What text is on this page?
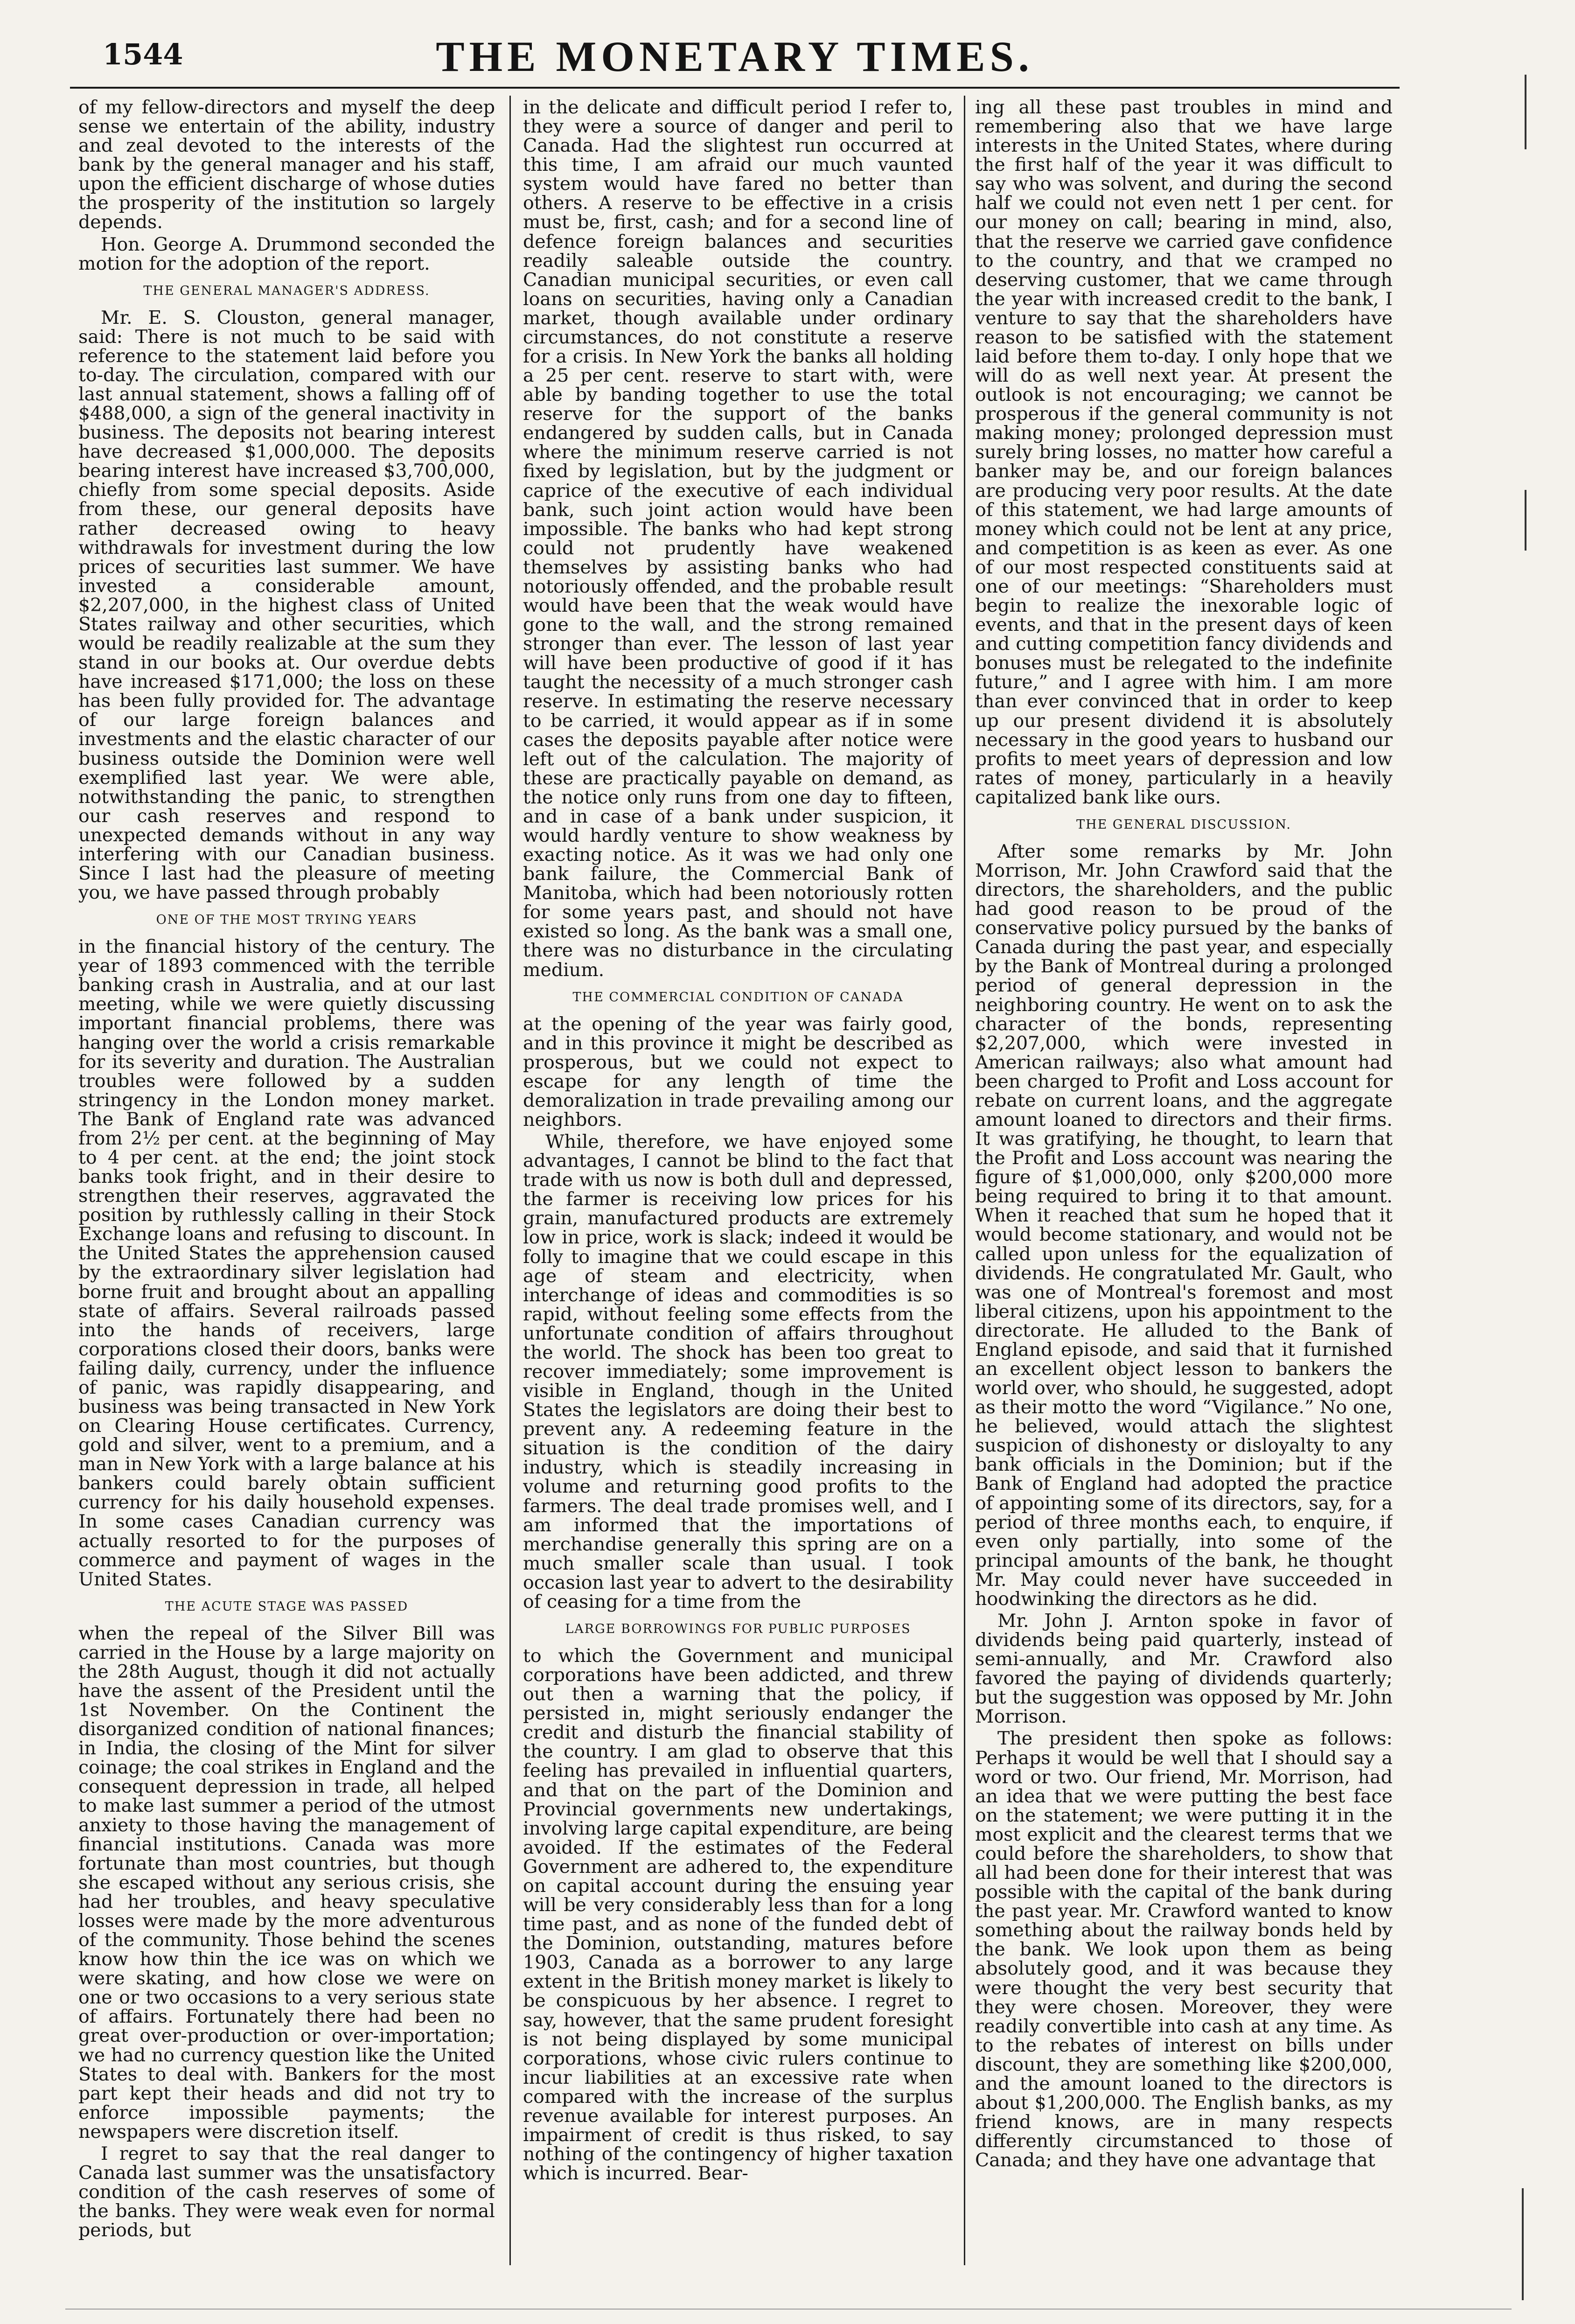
1544	THE MONETARY TIMES.

of my fellow-directors and myself the deep sense we entertain of the ability, industry and zeal devoted to the interests of the bank by the general manager and his staff, upon the efficient discharge of whose duties the prosperity of the institution so largely depends.

Hon. George A. Drummond seconded the motion for the adoption of the report.

THE GENERAL MANAGER'S ADDRESS.

Mr. E. S. Clouston, general manager, said: There is not much to be said with reference to the statement laid before you to-day. The circulation, compared with our last annual statement, shows a falling off of $488,000, a sign of the general inactivity in business. The deposits not bearing interest have decreased $1,000,000. The deposits bearing interest have increased $3,700,000, chiefly from some special deposits. Aside from these, our general deposits have rather decreased owing to heavy withdrawals for investment during the low prices of securities last summer. We have invested a considerable amount, $2,207,000, in the highest class of United States railway and other securities, which would be readily realizable at the sum they stand in our books at. Our overdue debts have increased $171,000; the loss on these has been fully provided for. The advantage of our large foreign balances and investments and the elastic character of our business outside the Dominion were well exemplified last year. We were able, notwithstanding the panic, to strengthen our cash reserves and respond to unexpected demands without in any way interfering with our Canadian business. Since I last had the pleasure of meeting you, we have passed through probably

ONE OF THE MOST TRYING YEARS

in the financial history of the century. The year of 1893 commenced with the terrible banking crash in Australia, and at our last meeting, while we were quietly discussing important financial problems, there was hanging over the world a crisis remarkable for its severity and duration. The Australian troubles were followed by a sudden stringency in the London money market. The Bank of England rate was advanced from 2½ per cent. at the beginning of May to 4 per cent. at the end; the joint stock banks took fright, and in their desire to strengthen their reserves, aggravated the position by ruthlessly calling in their Stock Exchange loans and refusing to discount. In the United States the apprehension caused by the extraordinary silver legislation had borne fruit and brought about an appalling state of affairs. Several railroads passed into the hands of receivers, large corporations closed their doors, banks were failing daily, currency, under the influence of panic, was rapidly disappearing, and business was being transacted in New York on Clearing House certificates. Currency, gold and silver, went to a premium, and a man in New York with a large balance at his bankers could barely obtain sufficient currency for his daily household expenses. In some cases Canadian currency was actually resorted to for the purposes of commerce and payment of wages in the United States.

THE ACUTE STAGE WAS PASSED

when the repeal of the Silver Bill was carried in the House by a large majority on the 28th August, though it did not actually have the assent of the President until the 1st November. On the Continent the disorganized condition of national finances; in India, the closing of the Mint for silver coinage; the coal strikes in England and the consequent depression in trade, all helped to make last summer a period of the utmost anxiety to those having the management of financial institutions. Canada was more fortunate than most countries, but though she escaped without any serious crisis, she had her troubles, and heavy speculative losses were made by the more adventurous of the community. Those behind the scenes know how thin the ice was on which we were skating, and how close we were on one or two occasions to a very serious state of affairs. Fortunately there had been no great over-production or over-importation; we had no currency question like the United States to deal with. Bankers for the most part kept their heads and did not try to enforce impossible payments; the newspapers were discretion itself.

I regret to say that the real danger to Canada last summer was the unsatisfactory condition of the cash reserves of some of the banks. They were weak even for normal periods, but

in the delicate and difficult period I refer to, they were a source of danger and peril to Canada. Had the slightest run occurred at this time, I am afraid our much vaunted system would have fared no better than others. A reserve to be effective in a crisis must be, first, cash; and for a second line of defence foreign balances and securities readily saleable outside the country. Canadian municipal securities, or even call loans on securities, having only a Canadian market, though available under ordinary circumstances, do not constitute a reserve for a crisis. In New York the banks all holding a 25 per cent. reserve to start with, were able by banding together to use the total reserve for the support of the banks endangered by sudden calls, but in Canada where the minimum reserve carried is not fixed by legislation, but by the judgment or caprice of the executive of each individual bank, such joint action would have been impossible. The banks who had kept strong could not prudently have weakened themselves by assisting banks who had notoriously offended, and the probable result would have been that the weak would have gone to the wall, and the strong remained stronger than ever. The lesson of last year will have been productive of good if it has taught the necessity of a much stronger cash reserve. In estimating the reserve necessary to be carried, it would appear as if in some cases the deposits payable after notice were left out of the calculation. The majority of these are practically payable on demand, as the notice only runs from one day to fifteen, and in case of a bank under suspicion, it would hardly venture to show weakness by exacting notice. As it was we had only one bank failure, the Commercial Bank of Manitoba, which had been notoriously rotten for some years past, and should not have existed so long. As the bank was a small one, there was no disturbance in the circulating medium.

THE COMMERCIAL CONDITION OF CANADA

at the opening of the year was fairly good, and in this province it might be described as prosperous, but we could not expect to escape for any length of time the demoralization in trade prevailing among our neighbors.

While, therefore, we have enjoyed some advantages, I cannot be blind to the fact that trade with us now is both dull and depressed, the farmer is receiving low prices for his grain, manufactured products are extremely low in price, work is slack; indeed it would be folly to imagine that we could escape in this age of steam and electricity, when interchange of ideas and commodities is so rapid, without feeling some effects from the unfortunate condition of affairs throughout the world. The shock has been too great to recover immediately; some improvement is visible in England, though in the United States the legislators are doing their best to prevent any. A redeeming feature in the situation is the condition of the dairy industry, which is steadily increasing in volume and returning good profits to the farmers. The deal trade promises well, and I am informed that the importations of merchandise generally this spring are on a much smaller scale than usual. I took occasion last year to advert to the desirability of ceasing for a time from the

LARGE BORROWINGS FOR PUBLIC PURPOSES

to which the Government and municipal corporations have been addicted, and threw out then a warning that the policy, if persisted in, might seriously endanger the credit and disturb the financial stability of the country. I am glad to observe that this feeling has prevailed in influential quarters, and that on the part of the Dominion and Provincial governments new undertakings, involving large capital expenditure, are being avoided. If the estimates of the Federal Government are adhered to, the expenditure on capital account during the ensuing year will be very considerably less than for a long time past, and as none of the funded debt of the Dominion, outstanding, matures before 1903, Canada as a borrower to any large extent in the British money market is likely to be conspicuous by her absence. I regret to say, however, that the same prudent foresight is not being displayed by some municipal corporations, whose civic rulers continue to incur liabilities at an excessive rate when compared with the increase of the surplus revenue available for interest purposes. An impairment of credit is thus risked, to say nothing of the contingency of higher taxation which is incurred. Bear-

ing all these past troubles in mind and remembering also that we have large interests in the United States, where during the first half of the year it was difficult to say who was solvent, and during the second half we could not even nett 1 per cent. for our money on call; bearing in mind, also, that the reserve we carried gave confidence to the country, and that we cramped no deserving customer, that we came through the year with increased credit to the bank, I venture to say that the shareholders have reason to be satisfied with the statement laid before them to-day. I only hope that we will do as well next year. At present the outlook is not encouraging; we cannot be prosperous if the general community is not making money; prolonged depression must surely bring losses, no matter how careful a banker may be, and our foreign balances are producing very poor results. At the date of this statement, we had large amounts of money which could not be lent at any price, and competition is as keen as ever. As one of our most respected constituents said at one of our meetings: “Shareholders must begin to realize the inexorable logic of events, and that in the present days of keen and cutting competition fancy dividends and bonuses must be relegated to the indefinite future,” and I agree with him. I am more than ever convinced that in order to keep up our present dividend it is absolutely necessary in the good years to husband our profits to meet years of depression and low rates of money, particularly in a heavily capitalized bank like ours.

THE GENERAL DISCUSSION.

After some remarks by Mr. John Morrison, Mr. John Crawford said that the directors, the shareholders, and the public had good reason to be proud of the conservative policy pursued by the banks of Canada during the past year, and especially by the Bank of Montreal during a prolonged period of general depression in the neighboring country. He went on to ask the character of the bonds, representing $2,207,000, which were invested in American railways; also what amount had been charged to Profit and Loss account for rebate on current loans, and the aggregate amount loaned to directors and their firms. It was gratifying, he thought, to learn that the Profit and Loss account was nearing the figure of $1,000,000, only $200,000 more being required to bring it to that amount. When it reached that sum he hoped that it would become stationary, and would not be called upon unless for the equalization of dividends. He congratulated Mr. Gault, who was one of Montreal's foremost and most liberal citizens, upon his appointment to the directorate. He alluded to the Bank of England episode, and said that it furnished an excellent object lesson to bankers the world over, who should, he suggested, adopt as their motto the word “Vigilance.” No one, he believed, would attach the slightest suspicion of dishonesty or disloyalty to any bank officials in the Dominion; but if the Bank of England had adopted the practice of appointing some of its directors, say, for a period of three months each, to enquire, if even only partially, into some of the principal amounts of the bank, he thought Mr. May could never have succeeded in hoodwinking the directors as he did.

Mr. John J. Arnton spoke in favor of dividends being paid quarterly, instead of semi-annually, and Mr. Crawford also favored the paying of dividends quarterly; but the suggestion was opposed by Mr. John Morrison.

The president then spoke as follows: Perhaps it would be well that I should say a word or two. Our friend, Mr. Morrison, had an idea that we were putting the best face on the statement; we were putting it in the most explicit and the clearest terms that we could before the shareholders, to show that all had been done for their interest that was possible with the capital of the bank during the past year. Mr. Crawford wanted to know something about the railway bonds held by the bank. We look upon them as being absolutely good, and it was because they were thought the very best security that they were chosen. Moreover, they were readily convertible into cash at any time. As to the rebates of interest on bills under discount, they are something like $200,000, and the amount loaned to the directors is about $1,200,000. The English banks, as my friend knows, are in many respects differently circumstanced to those of Canada; and they have one advantage that
